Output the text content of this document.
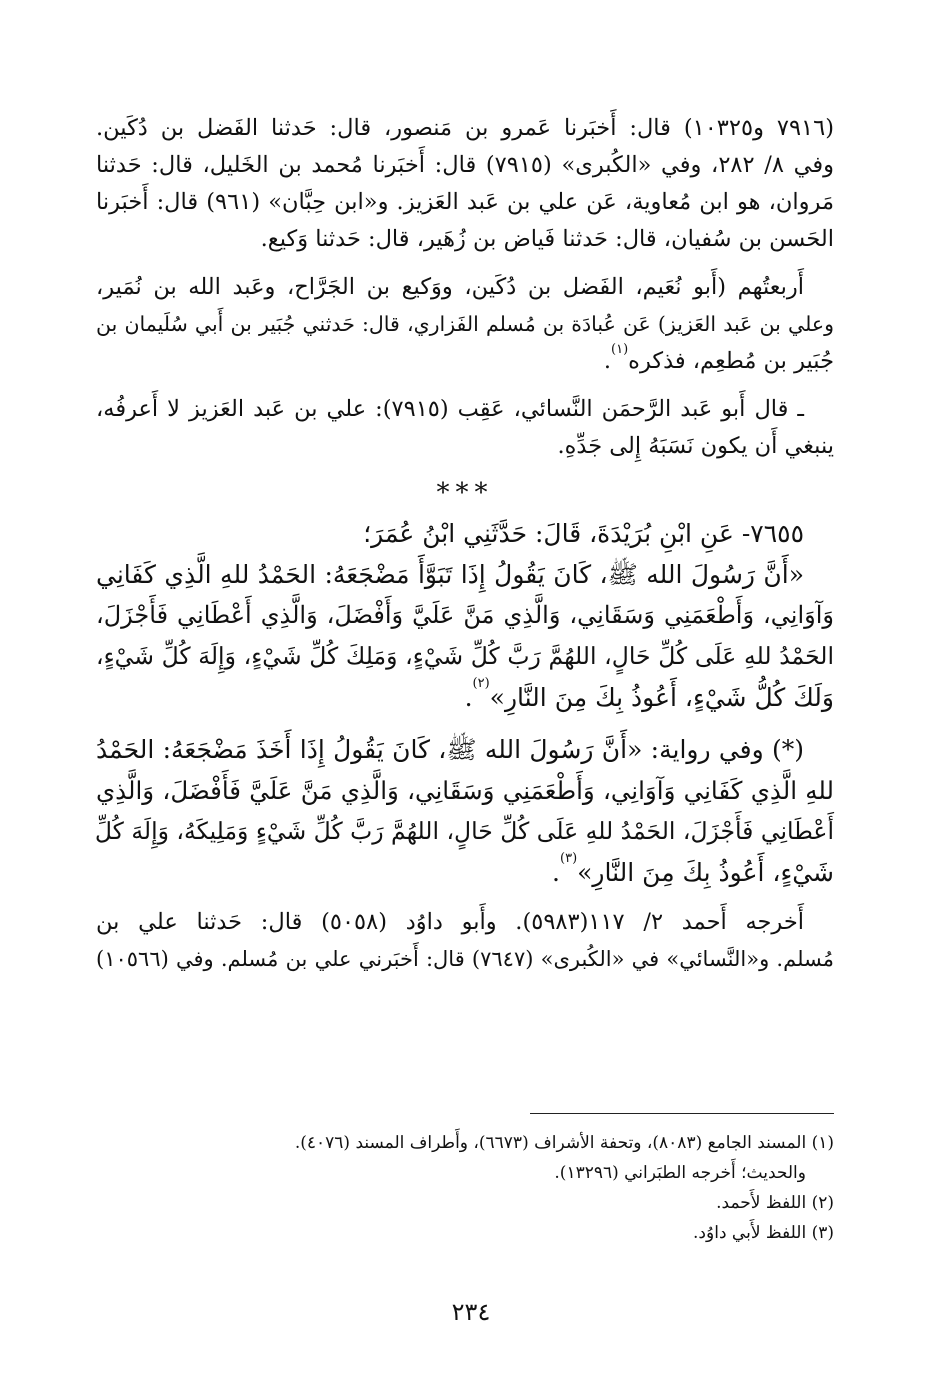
(٧٩١٦ و١٠٣٢٥) قال: أَخبَرنا عَمرو بن مَنصور، قال: حَدثنا الفَضل بن دُكَين.
وفي ٨/ ٢٨٢، وفي «الكُبرى» (٧٩١٥) قال: أَخبَرنا مُحمد بن الخَليل، قال: حَدثنا
مَروان، هو ابن مُعاوية، عَن علي بن عَبد العَزيز. و«ابن حِبَّان» (٩٦١) قال: أَخبَرنا
الحَسن بن سُفيان، قال: حَدثنا فَياض بن زُهَير، قال: حَدثنا وَكيع.
أَربعتُهم (أَبو نُعَيم، الفَضل بن دُكَين، ووَكيع بن الجَرَّاح، وعَبد الله بن نُمَير،
وعلي بن عَبد العَزيز) عَن عُبادَة بن مُسلم الفَزاري، قال: حَدثني جُبَير بن أَبي سُلَيمان بن
جُبَير بن مُطعِم، فذكره$^{(١)}$.
ـ قال أَبو عَبد الرَّحمَن النَّسائي، عَقِب (٧٩١٥): علي بن عَبد العَزيز لا أَعرفُه،
ينبغي أَن يكون نَسَبَهُ إِلى جَدِّهِ.
***
٧٦٥٥- عَنِ ابْنِ بُرَيْدَةَ، قَالَ: حَدَّثَنِي ابْنُ عُمَرَ؛
«أَنَّ رَسُولَ الله ﷺ، كَانَ يَقُولُ إِذَا تَبَوَّأَ مَضْجَعَهُ: الحَمْدُ للهِ الَّذِي كَفَانِي
وَآوَانِي، وَأَطْعَمَنِي وَسَقَانِي، وَالَّذِي مَنَّ عَلَيَّ وَأَفْضَلَ، وَالَّذِي أَعْطَانِي فَأَجْزَلَ،
الحَمْدُ للهِ عَلَى كُلِّ حَالٍ، اللهُمَّ رَبَّ كُلِّ شَيْءٍ، وَمَلِكَ كُلِّ شَيْءٍ، وَإِلَهَ كُلِّ شَيْءٍ،
وَلَكَ كُلُّ شَيْءٍ، أَعُوذُ بِكَ مِنَ النَّارِ»$^{(٢)}$.
(*) وفي رواية: «أَنَّ رَسُولَ الله ﷺ، كَانَ يَقُولُ إِذَا أَخَذَ مَضْجَعَهُ: الحَمْدُ
للهِ الَّذِي كَفَانِي وَآوَانِي، وَأَطْعَمَنِي وَسَقَانِي، وَالَّذِي مَنَّ عَلَيَّ فَأَفْضَلَ، وَالَّذِي
أَعْطَانِي فَأَجْزَلَ، الحَمْدُ للهِ عَلَى كُلِّ حَالٍ، اللهُمَّ رَبَّ كُلِّ شَيْءٍ وَمَلِيكَهُ، وَإِلَهَ كُلِّ
شَيْءٍ، أَعُوذُ بِكَ مِنَ النَّارِ»$^{(٣)}$.
أَخرجه أَحمد ٢/ ١١٧(٥٩٨٣). وأَبو داوُد (٥٠٥٨) قال: حَدثنا علي بن
مُسلم. و«النَّسائي» في «الكُبرى» (٧٦٤٧) قال: أَخبَرني علي بن مُسلم. وفي (١٠٥٦٦)
(١) المسند الجامع (٨٠٨٣)، وتحفة الأشراف (٦٦٧٣)، وأَطراف المسند (٤٠٧٦).
والحديث؛ أَخرجه الطبَراني (١٣٢٩٦).
(٢) اللفظ لأَحمد.
(٣) اللفظ لأَبي داوُد.
٢٣٤
